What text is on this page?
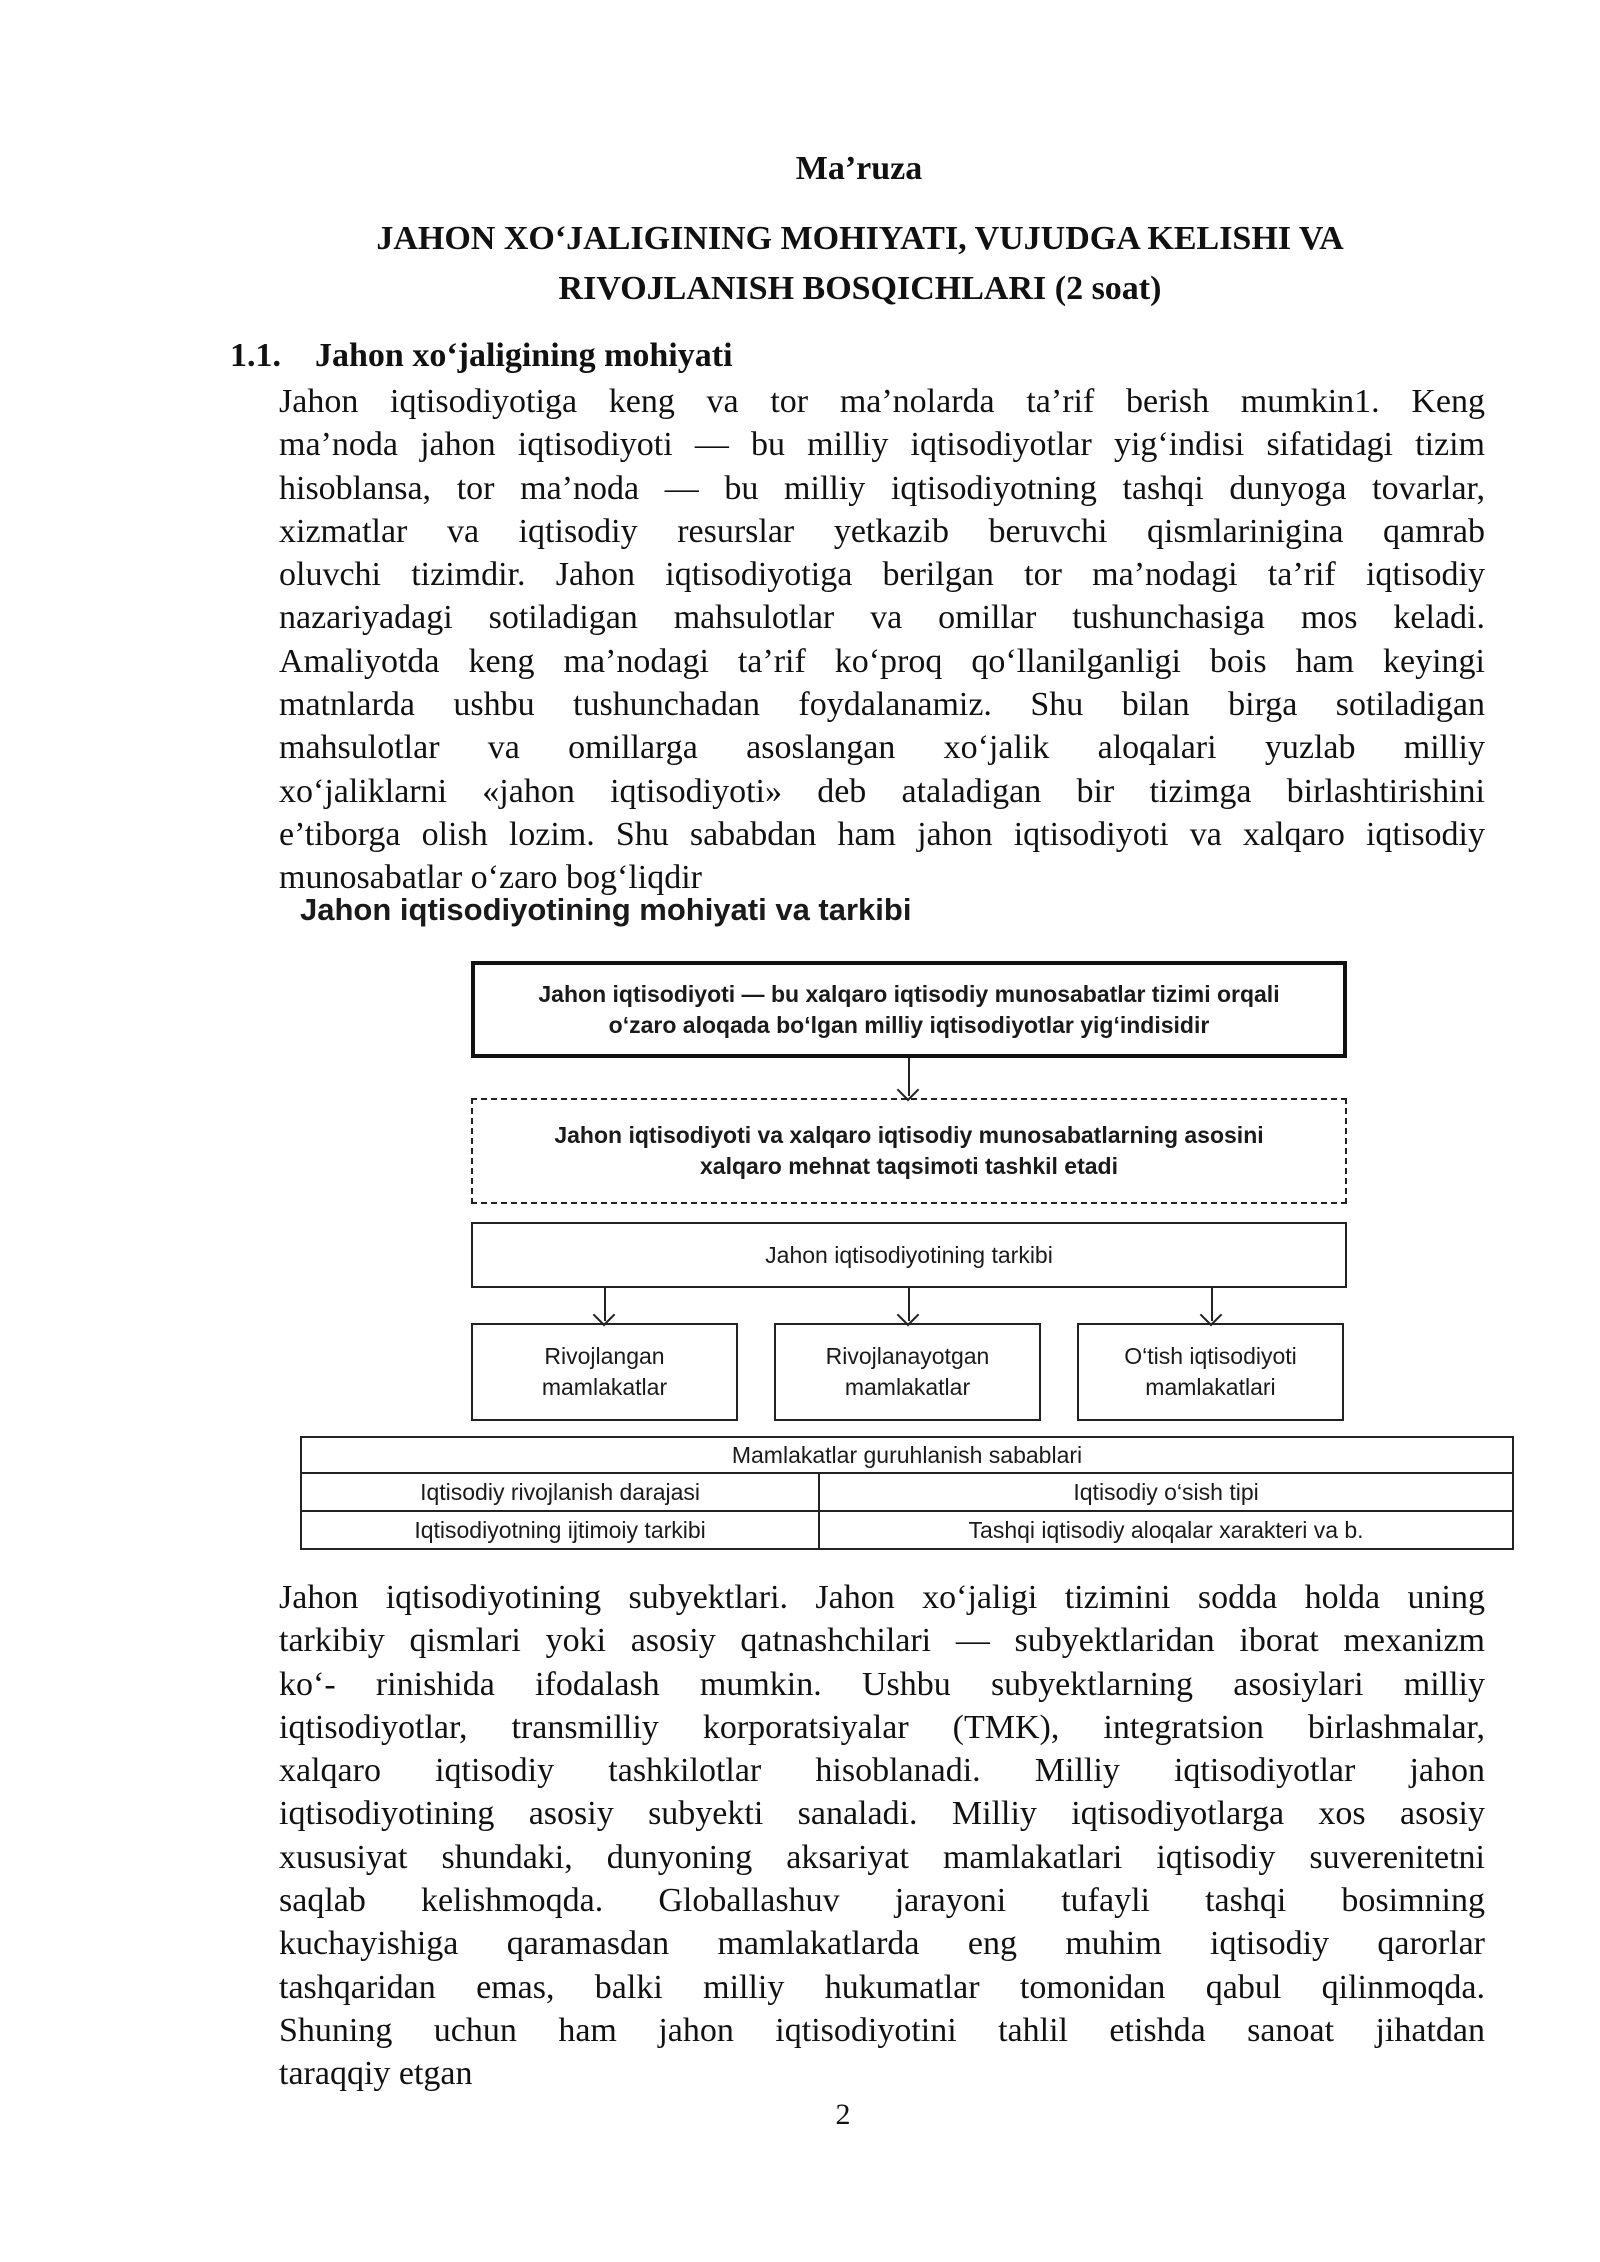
Ma’ruza
JAHON XO‘JALIGINING MOHIYATI, VUJUDGA KELISHI VA
RIVOJLANISH BOSQICHLARI (2 soat)
1.1. Jahon xo‘jaligining mohiyati
Jahon iqtisodiyotiga keng va tor ma’nolarda ta’rif berish mumkin1. Keng
ma’noda jahon iqtisodiyoti — bu milliy iqtisodiyotlar yig‘indisi sifatidagi tizim
hisoblansa, tor ma’noda — bu milliy iqtisodiyotning tashqi dunyoga tovarlar,
xizmatlar va iqtisodiy resurslar yetkazib beruvchi qismlarinigina qamrab
oluvchi tizimdir. Jahon iqtisodiyotiga berilgan tor ma’nodagi ta’rif iqtisodiy
nazariyadagi sotiladigan mahsulotlar va omillar tushunchasiga mos keladi.
Amaliyotda keng ma’nodagi ta’rif ko‘proq qo‘llanilganligi bois ham keyingi
matnlarda ushbu tushunchadan foydalanamiz. Shu bilan birga sotiladigan
mahsulotlar va omillarga asoslangan xo‘jalik aloqalari yuzlab milliy
xo‘jaliklarni «jahon iqtisodiyoti» deb ataladigan bir tizimga birlashtirishini
e’tiborga olish lozim. Shu sababdan ham jahon iqtisodiyoti va xalqaro iqtisodiy
munosabatlar o‘zaro bog‘liqdir
Jahon iqtisodiyotining mohiyati va tarkibi
Jahon iqtisodiyoti — bu xalqaro iqtisodiy munosabatlar tizimi orqali
o‘zaro aloqada bo‘lgan milliy iqtisodiyotlar yig‘indisidir
Jahon iqtisodiyoti va xalqaro iqtisodiy munosabatlarning asosini
xalqaro mehnat taqsimoti tashkil etadi
Jahon iqtisodiyotining tarkibi
Rivojlangan
mamlakatlar
Rivojlanayotgan
mamlakatlar
O‘tish iqtisodiyoti
mamlakatlari
Mamlakatlar guruhlanish sabablari	
Iqtisodiy rivojlanish darajasi	Iqtisodiy o‘sish tipi
Iqtisodiyotning ijtimoiy tarkibi	Tashqi iqtisodiy aloqalar xarakteri va b.
Jahon iqtisodiyotining subyektlari. Jahon xo‘jaligi tizimini sodda holda uning
tarkibiy qismlari yoki asosiy qatnashchilari — subyektlaridan iborat mexanizm
ko‘- rinishida ifodalash mumkin. Ushbu subyektlarning asosiylari milliy
iqtisodiyotlar, transmilliy korporatsiyalar (TMK), integratsion birlashmalar,
xalqaro iqtisodiy tashkilotlar hisoblanadi. Milliy iqtisodiyotlar jahon
iqtisodiyotining asosiy subyekti sanaladi. Milliy iqtisodiyotlarga xos asosiy
xususiyat shundaki, dunyoning aksariyat mamlakatlari iqtisodiy suverenitetni
saqlab kelishmoqda. Globallashuv jarayoni tufayli tashqi bosimning
kuchayishiga qaramasdan mamlakatlarda eng muhim iqtisodiy qarorlar
tashqaridan emas, balki milliy hukumatlar tomonidan qabul qilinmoqda.
Shuning uchun ham jahon iqtisodiyotini tahlil etishda sanoat jihatdan
taraqqiy etgan
2
